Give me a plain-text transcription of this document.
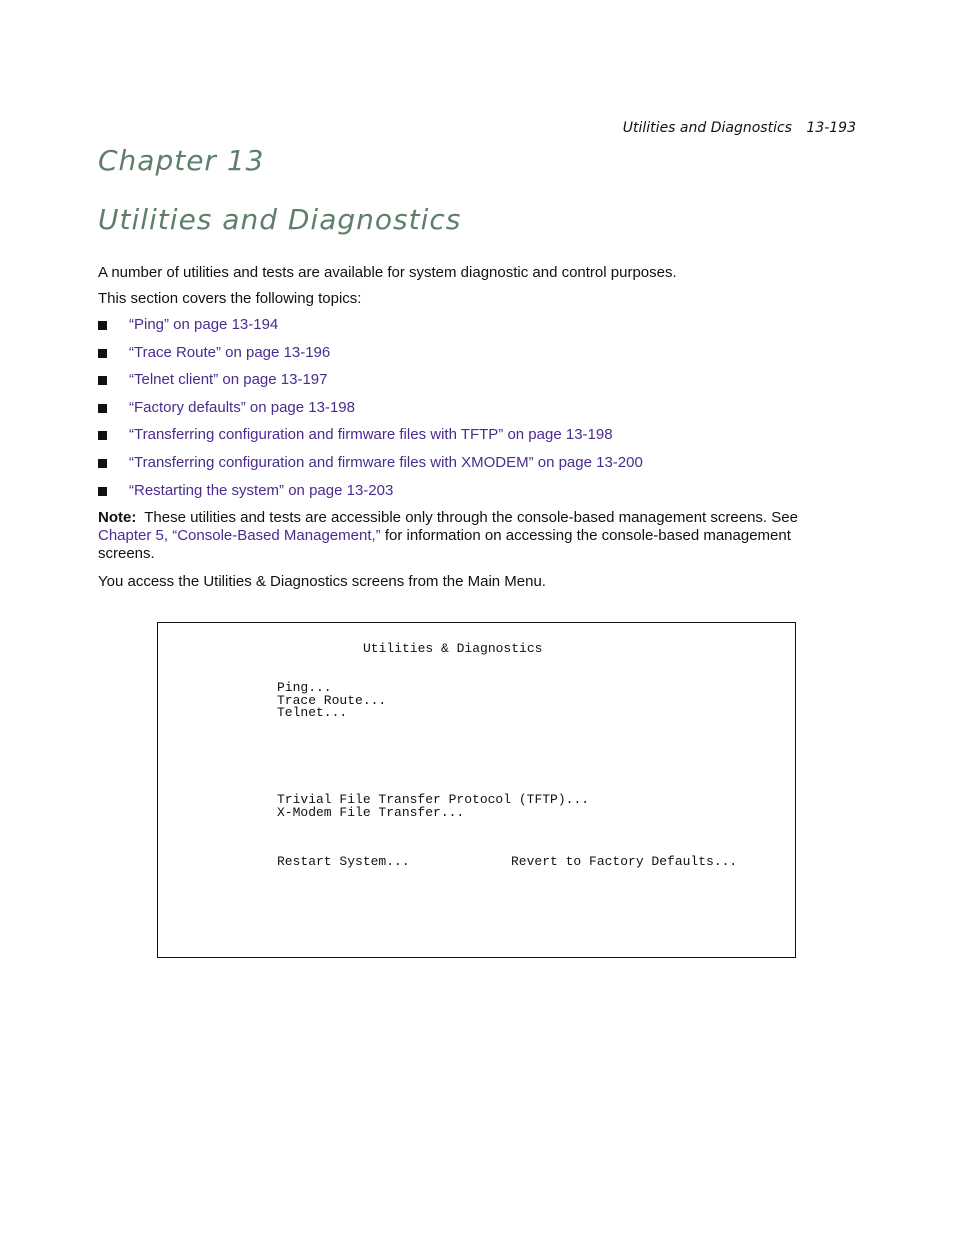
Utilities and Diagnostics 13-193
Chapter 13
Utilities and Diagnostics

A number of utilities and tests are available for system diagnostic and control purposes.

This section covers the following topics:

“Ping” on page 13-194
“Trace Route” on page 13-196
“Telnet client” on page 13-197
“Factory defaults” on page 13-198
“Transferring configuration and firmware files with TFTP” on page 13-198
“Transferring configuration and firmware files with XMODEM” on page 13-200
“Restarting the system” on page 13-203

Note: These utilities and tests are accessible only through the console-based management screens. See Chapter 5, “Console-Based Management,” for information on accessing the console-based management screens.

You access the Utilities & Diagnostics screens from the Main Menu.

Utilities & Diagnostics
Ping...
Trace Route...
Telnet...
Trivial File Transfer Protocol (TFTP)...
X-Modem File Transfer...
Restart System...	Revert to Factory Defaults...
